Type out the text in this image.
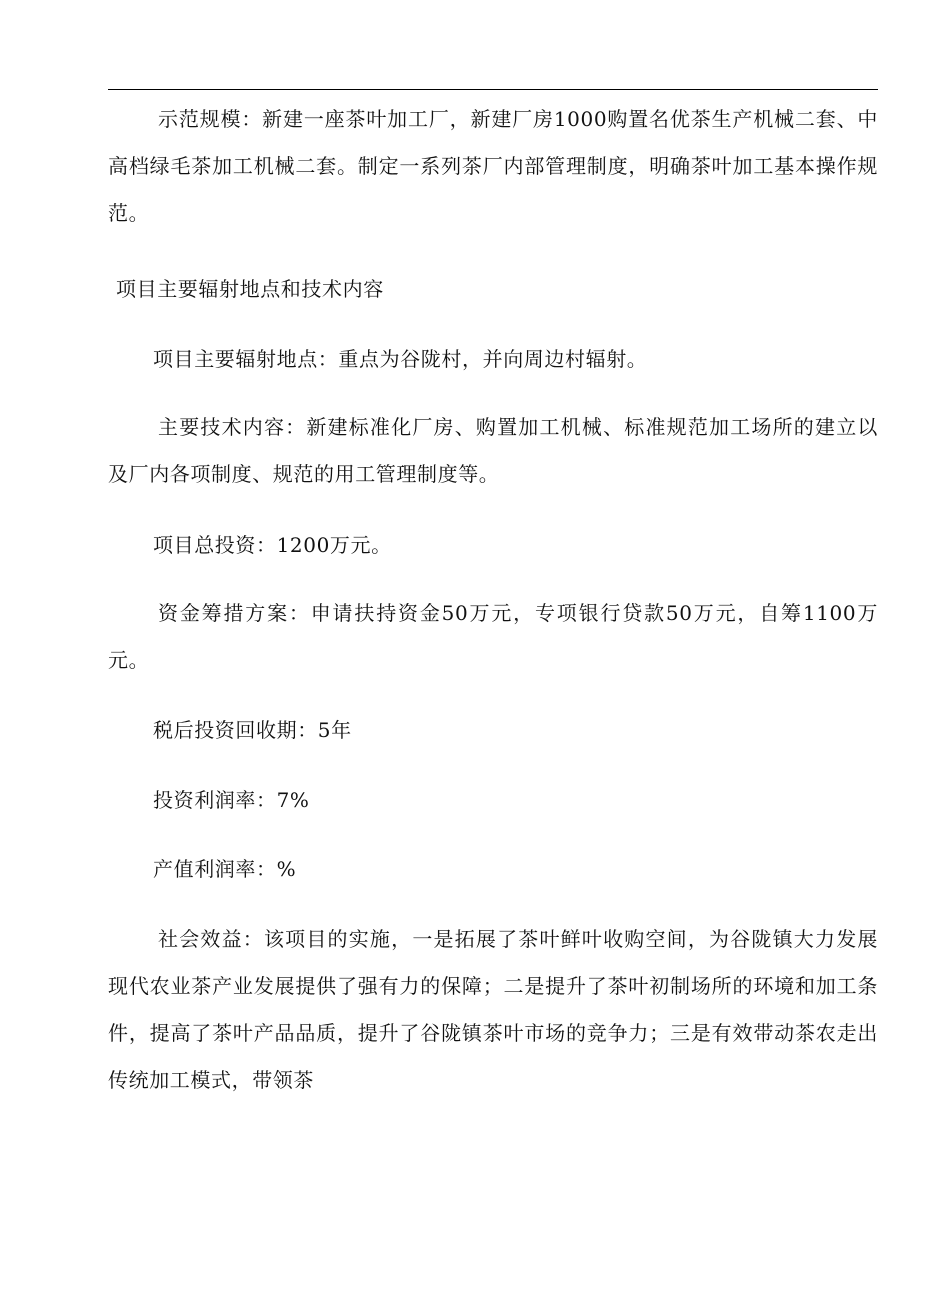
示范规模：新建一座茶叶加工厂，新建厂房1000购置名优茶生产机械二套、中高档绿毛茶加工机械二套。制定一系列茶厂内部管理制度，明确茶叶加工基本操作规范。

项目主要辐射地点和技术内容

项目主要辐射地点：重点为谷陇村，并向周边村辐射。

主要技术内容：新建标准化厂房、购置加工机械、标准规范加工场所的建立以及厂内各项制度、规范的用工管理制度等。

项目总投资：1200万元。

资金筹措方案：申请扶持资金50万元，专项银行贷款50万元，自筹1100万元。

税后投资回收期：5年

投资利润率：7%

产值利润率：%

社会效益：该项目的实施，一是拓展了茶叶鲜叶收购空间，为谷陇镇大力发展现代农业茶产业发展提供了强有力的保障；二是提升了茶叶初制场所的环境和加工条件，提高了茶叶产品品质，提升了谷陇镇茶叶市场的竞争力；三是有效带动茶农走出传统加工模式，带领茶
